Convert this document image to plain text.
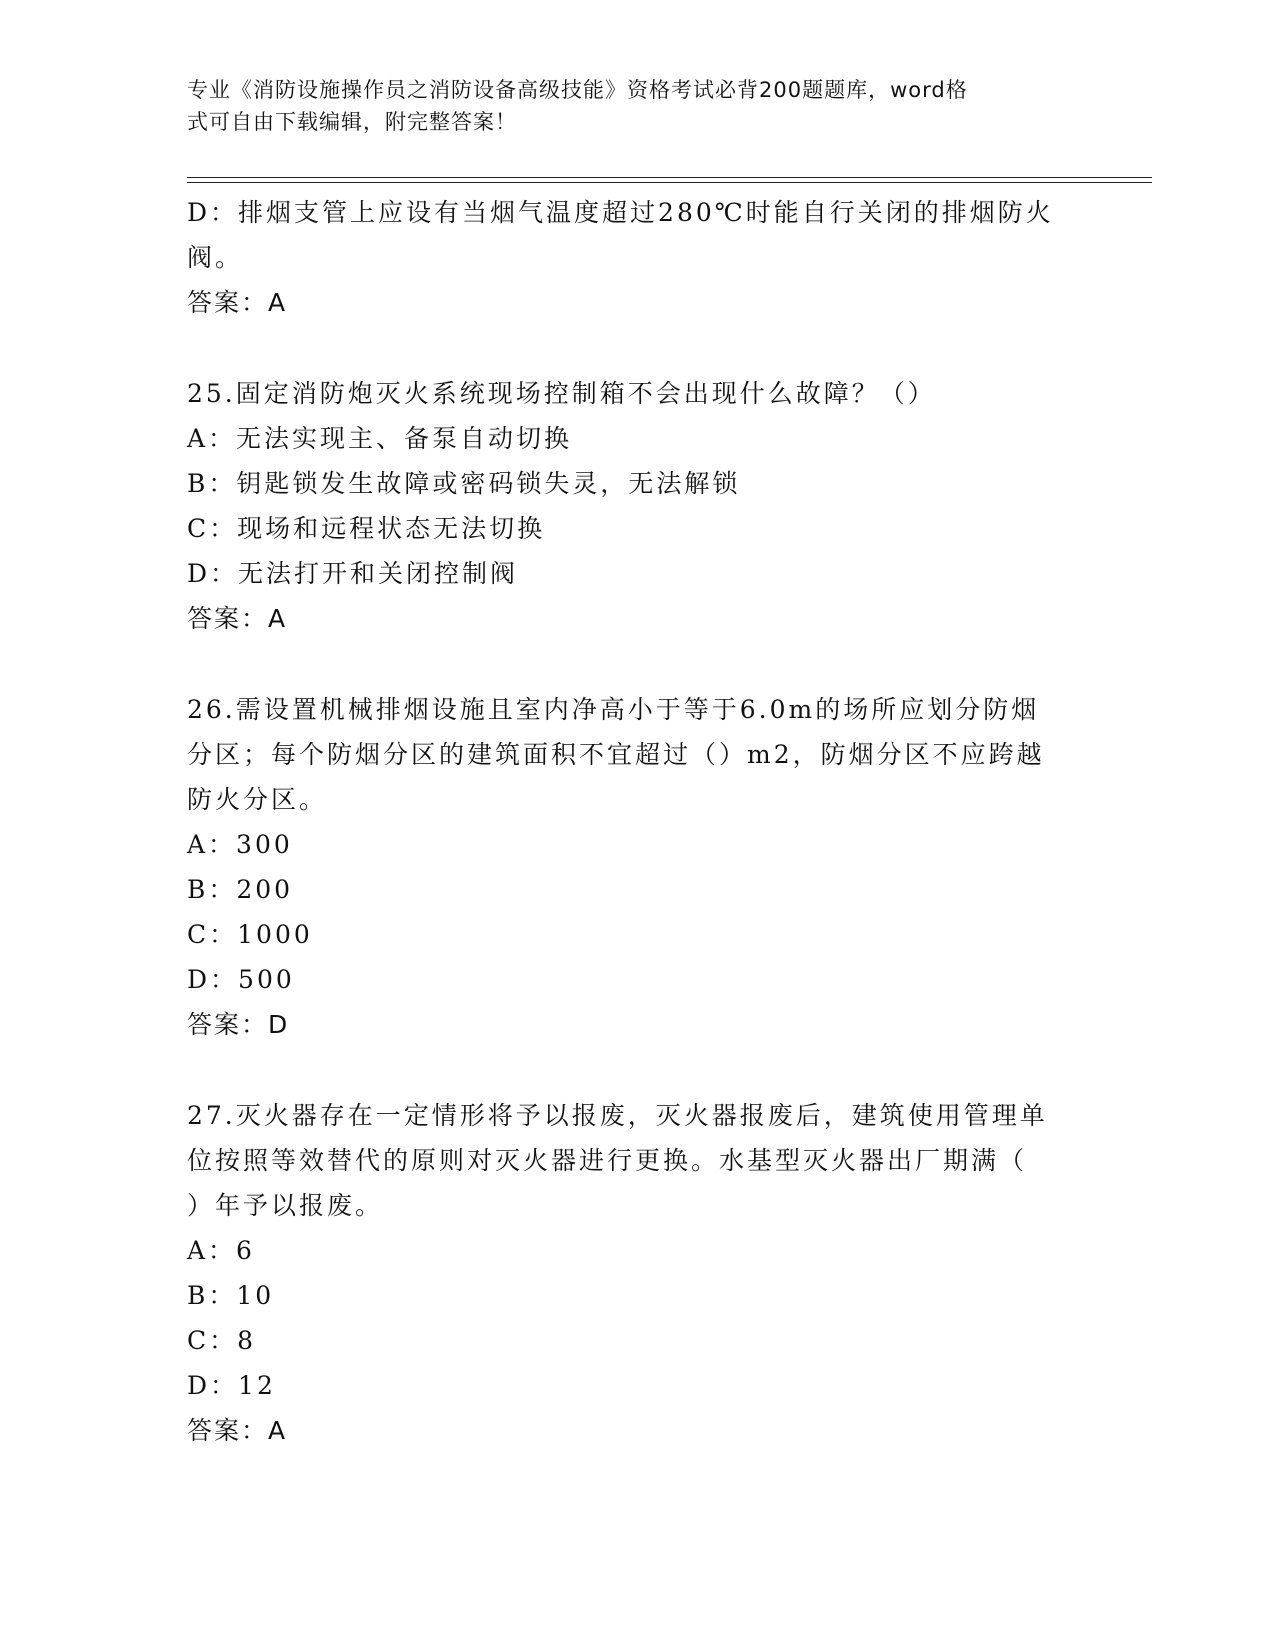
专业《消防设施操作员之消防设备高级技能》资格考试必背200题题库，word格
式可自由下载编辑，附完整答案！
D：排烟支管上应设有当烟气温度超过280℃时能自行关闭的排烟防火
阀。
答案：A
25.固定消防炮灭火系统现场控制箱不会出现什么故障？（）
A：无法实现主、备泵自动切换
B：钥匙锁发生故障或密码锁失灵，无法解锁
C：现场和远程状态无法切换
D：无法打开和关闭控制阀
答案：A
26.需设置机械排烟设施且室内净高小于等于6.0m的场所应划分防烟
分区；每个防烟分区的建筑面积不宜超过（）m2，防烟分区不应跨越
防火分区。
A：300
B：200
C：1000
D：500
答案：D
27.灭火器存在一定情形将予以报废，灭火器报废后，建筑使用管理单
位按照等效替代的原则对灭火器进行更换。水基型灭火器出厂期满（
）年予以报废。
A：6
B：10
C：8
D：12
答案：A
